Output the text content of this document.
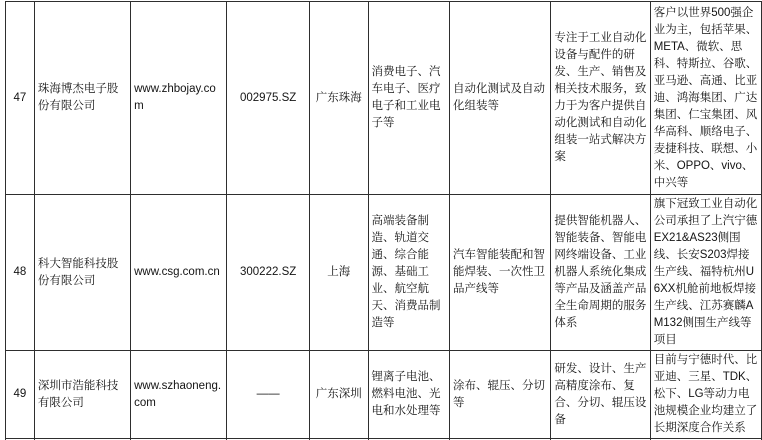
47	珠海博杰电子股份有限公司	www.zhbojay.com	002975.SZ	广东珠海	消费电子、汽车电子、医疗电子和工业电子等	自动化测试及自动化组装等	专注于工业自动化设备与配件的研发、生产、销售及相关技术服务，致力于为客户提供自动化测试和自动化组装一站式解决方案	客户以世界500强企业为主，包括苹果、META、微软、思科、特斯拉、谷歌、亚马逊、高通、比亚迪、鸿海集团、广达集团、仁宝集团、风华高科、顺络电子、麦捷科技、联想、小米、OPPO、vivo、中兴等
48	科大智能科技股份有限公司	www.csg.com.cn	300222.SZ	上海	高端装备制造、轨道交通、综合能源、基础工业、航空航天、消费品制造等	汽车智能装配和智能焊装、一次性卫品产线等	提供智能机器人、智能装备、智能电网终端设备、工业机器人系统化集成等产品及涵盖产品全生命周期的服务体系	旗下冠致工业自动化公司承担了上汽宁德EX21&AS23侧围线、长安S203焊接生产线、福特杭州U6XX机舱前地板焊接生产线、江苏赛麟AM132侧围生产线等项目
49	深圳市浩能科技有限公司	www.szhaoneng.com	——	广东深圳	锂离子电池、燃料电池、光电和水处理等	涂布、辊压、分切等	研发、设计、生产高精度涂布、复合、分切、辊压设备	目前与宁德时代、比亚迪、三星、TDK、松下、LG等动力电池规模企业均建立了长期深度合作关系
